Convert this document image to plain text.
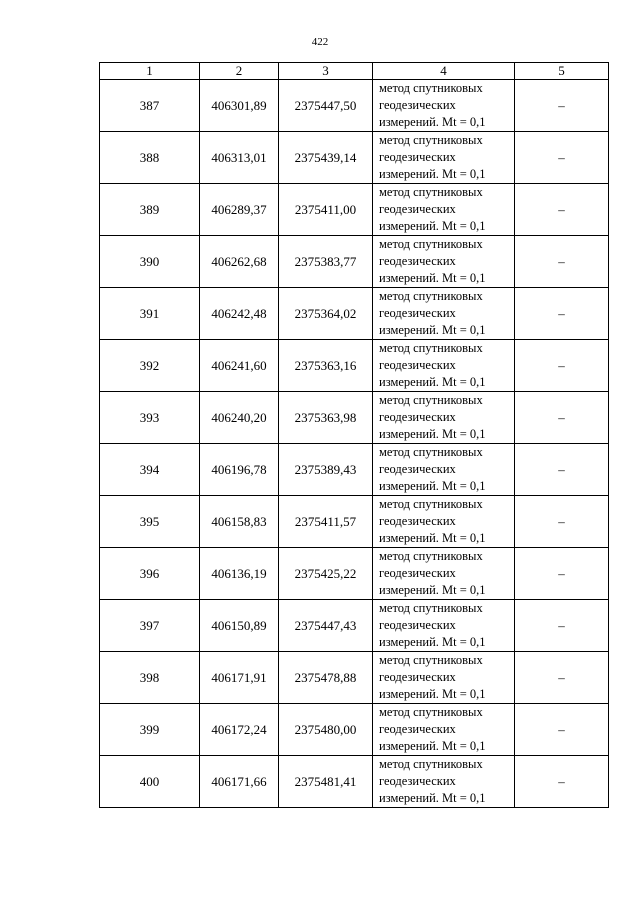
422
1	2	3	4	5
387	406301,89	2375447,50	метод спутниковых
геодезических
измерений. Mt = 0,1	–
388	406313,01	2375439,14	метод спутниковых
геодезических
измерений. Mt = 0,1	–
389	406289,37	2375411,00	метод спутниковых
геодезических
измерений. Mt = 0,1	–
390	406262,68	2375383,77	метод спутниковых
геодезических
измерений. Mt = 0,1	–
391	406242,48	2375364,02	метод спутниковых
геодезических
измерений. Mt = 0,1	–
392	406241,60	2375363,16	метод спутниковых
геодезических
измерений. Mt = 0,1	–
393	406240,20	2375363,98	метод спутниковых
геодезических
измерений. Mt = 0,1	–
394	406196,78	2375389,43	метод спутниковых
геодезических
измерений. Mt = 0,1	–
395	406158,83	2375411,57	метод спутниковых
геодезических
измерений. Mt = 0,1	–
396	406136,19	2375425,22	метод спутниковых
геодезических
измерений. Mt = 0,1	–
397	406150,89	2375447,43	метод спутниковых
геодезических
измерений. Mt = 0,1	–
398	406171,91	2375478,88	метод спутниковых
геодезических
измерений. Mt = 0,1	–
399	406172,24	2375480,00	метод спутниковых
геодезических
измерений. Mt = 0,1	–
400	406171,66	2375481,41	метод спутниковых
геодезических
измерений. Mt = 0,1	–
